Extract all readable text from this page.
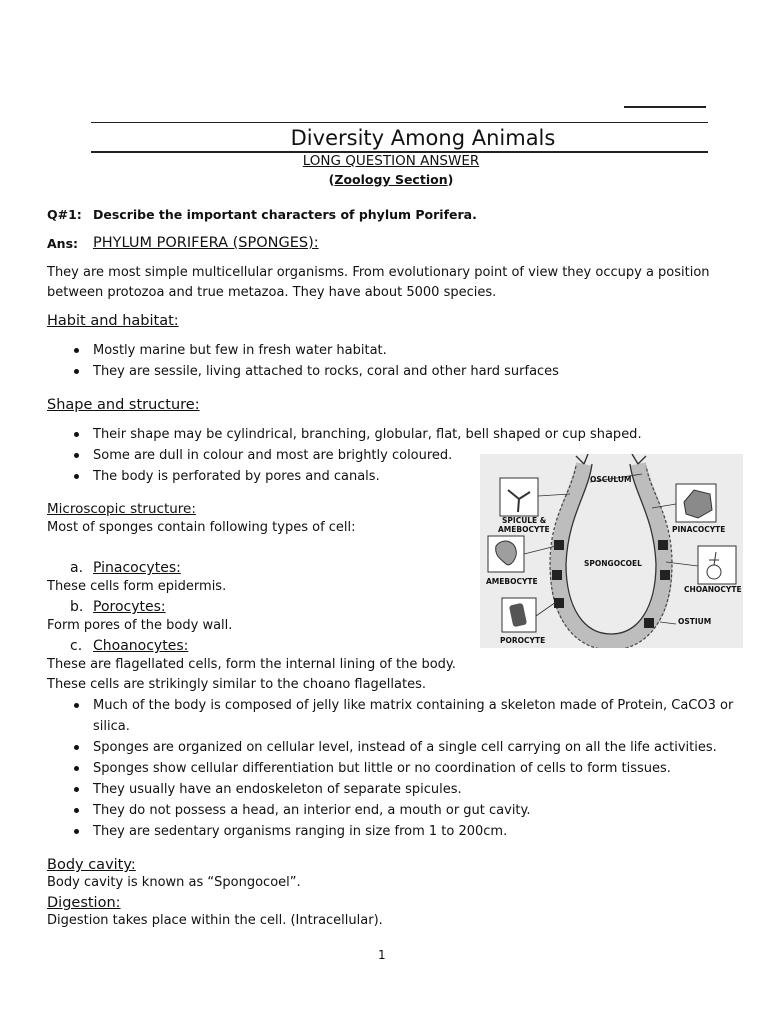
Diversity Among Animals
LONG QUESTION ANSWER
(Zoology Section)
Q#1: Describe the important characters of phylum Porifera.
Ans: PHYLUM PORIFERA (SPONGES):
They are most simple multicellular organisms. From evolutionary point of view they occupy a position
between protozoa and true metazoa. They have about 5000 species.
Habit and habitat:
Mostly marine but few in fresh water habitat.
They are sessile, living attached to rocks, coral and other hard surfaces
Shape and structure:
Their shape may be cylindrical, branching, globular, flat, bell shaped or cup shaped.
Some are dull in colour and most are brightly coloured.
The body is perforated by pores and canals.
Microscopic structure:
Most of sponges contain following types of cell:
a. Pinacocytes:
These cells form epidermis.
b. Porocytes:
Form pores of the body wall.
c. Choanocytes:
These are flagellated cells, form the internal lining of the body.
These cells are strikingly similar to the choano flagellates.
Much of the body is composed of jelly like matrix containing a skeleton made of Protein, CaCO3 or
silica.
Sponges are organized on cellular level, instead of a single cell carrying on all the life activities.
Sponges show cellular differentiation but little or no coordination of cells to form tissues.
They usually have an endoskeleton of separate spicules.
They do not possess a head, an interior end, a mouth or gut cavity.
They are sedentary organisms ranging in size from 1 to 200cm.
Body cavity:
Body cavity is known as “Spongocoel”.
Digestion:
Digestion takes place within the cell. (Intracellular).
1
OSCULUM
SPICULE &
AMEBOCYTE	PINACOCYTE
SPONGOCOEL
AMEBOCYTE
CHOANOCYTE
OSTIUM
POROCYTE
